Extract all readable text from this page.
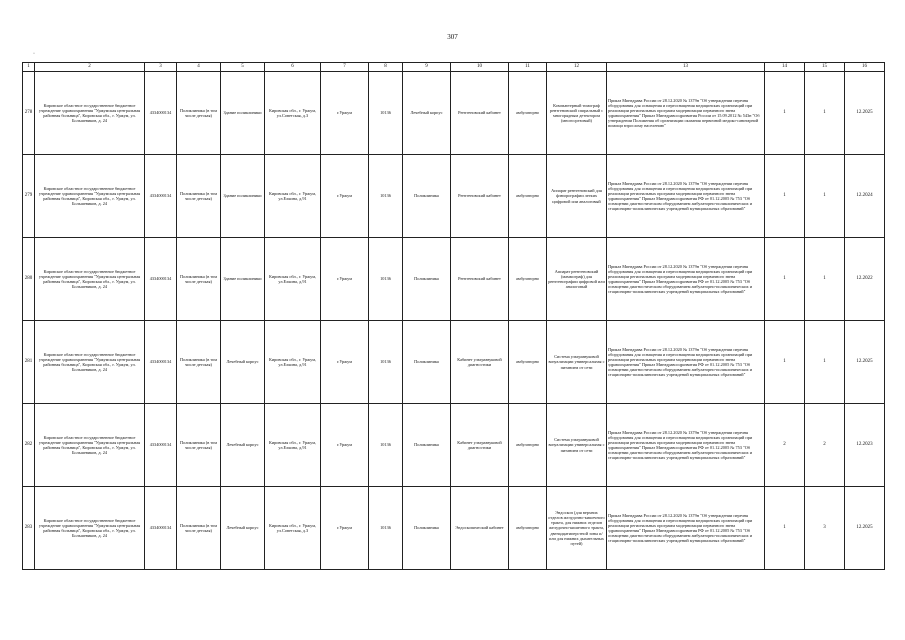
307
·
1	2	3	4	5	6	7	8	9	10	11	12	13	14	15	16
278	Кировское областное государственное бюджетное учреждение здравоохранения "Уржумская центральная районная больница", Кировская обл., г. Уржум, ул. Большевиков, д. 24	4334000134	Поликлиника (в том числе детская)	Здание поликлиники	Кировская обл., г. Уржум, ул.Советская, д.3	г.Уржум	10136	Лечебный корпус	Рентгеновский кабинет	амбулаторно	Компьютерный томограф рентгеновский спиральный с многорядным детектором (многосрезовый)	Приказ Минздрава России от 28.12.2020 № 1379н "Об утверждении перечня оборудования для оснащения и переоснащения медицинских организаций при реализации региональных программ модернизации первичного звена здравоохранения" Приказ Минздравсоцразвития России от 15.09.2012 № 543н "Об утверждении Положения об организации оказания первичной медико-санитарной помощи взрослому населению"	1	1	12.2025
279	Кировское областное государственное бюджетное учреждение здравоохранения "Уржумская центральная районная больница", Кировская обл., г. Уржум, ул. Большевиков, д. 24	4334000134	Поликлиника (в том числе детская)	Здание поликлиники	Кировская обл., г. Уржум, ул.Елкина, д.91	г.Уржум	10136	Поликлиника	Рентгеновский кабинет	амбулаторно	Аппарат рентгеновский для флюорографии легких цифровой или аналоговый	Приказ Минздрава России от 28.12.2020 № 1379н "Об утверждении перечня оборудования для оснащения и переоснащения медицинских организаций при реализации региональных программ модернизации первичного звена здравоохранения" Приказ Минздравсоцразвития РФ от 01.12.2005 № 753 "Об оснащении диагностическим оборудованием амбулаторно-поликлинических и стационарно-поликлинических учреждений муниципальных образований"	1	1	12.2024
280	Кировское областное государственное бюджетное учреждение здравоохранения "Уржумская центральная районная больница", Кировская обл., г. Уржум, ул. Большевиков, д. 24	4334000134	Поликлиника (в том числе детская)	Здание поликлиники	Кировская обл., г. Уржум, ул.Елкина, д.91	г.Уржум	10136	Поликлиника	Рентгеновский кабинет	амбулаторно	Аппарат рентгеновский (маммограф) для рентгенографии цифровой или аналоговый	Приказ Минздрава России от 28.12.2020 № 1379н "Об утверждении перечня оборудования для оснащения и переоснащения медицинских организаций при реализации региональных программ модернизации первичного звена здравоохранения" Приказ Минздравсоцразвития РФ от 01.12.2005 № 753 "Об оснащении диагностическим оборудованием амбулаторно-поликлинических и стационарно-поликлинических учреждений муниципальных образований"	1	1	12.2022
281	Кировское областное государственное бюджетное учреждение здравоохранения "Уржумская центральная районная больница", Кировская обл., г. Уржум, ул. Большевиков, д. 24	4334000134	Поликлиника (в том числе детская)	Лечебный корпус	Кировская обл., г. Уржум, ул.Елкина, д.91	г.Уржум	10136	Поликлиника	Кабинет ультразвуковой диагностики	амбулаторно	Система ультразвуковой визуализации универсальная с питанием от сети	Приказ Минздрава России от 28.12.2020 № 1379н "Об утверждении перечня оборудования для оснащения и переоснащения медицинских организаций при реализации региональных программ модернизации первичного звена здравоохранения" Приказ Минздравсоцразвития РФ от 01.12.2005 № 753 "Об оснащении диагностическим оборудованием амбулаторно-поликлинических и стационарно-поликлинических учреждений муниципальных образований"	1	1	12.2025
282	Кировское областное государственное бюджетное учреждение здравоохранения "Уржумская центральная районная больница", Кировская обл., г. Уржум, ул. Большевиков, д. 24	4334000134	Поликлиника (в том числе детская)	Лечебный корпус	Кировская обл., г. Уржум, ул.Елкина, д.91	г.Уржум	10136	Поликлиника	Кабинет ультразвуковой диагностики	амбулаторно	Система ультразвуковой визуализации универсальная с питанием от сети	Приказ Минздрава России от 28.12.2020 № 1379н "Об утверждении перечня оборудования для оснащения и переоснащения медицинских организаций при реализации региональных программ модернизации первичного звена здравоохранения" Приказ Минздравсоцразвития РФ от 01.12.2005 № 753 "Об оснащении диагностическим оборудованием амбулаторно-поликлинических и стационарно-поликлинических учреждений муниципальных образований"	2	2	12.2023
283	Кировское областное государственное бюджетное учреждение здравоохранения "Уржумская центральная районная больница", Кировская обл., г. Уржум, ул. Большевиков, д. 24	4334000134	Поликлиника (в том числе детская)	Лечебный корпус	Кировская обл., г. Уржум, ул.Советская, д.3	г.Уржум	10136	Поликлиника	Эндоскопический кабинет	амбулаторно	Эндоскоп (для верхних отделов желудочно-кишечного тракта, для нижних отделов желудочно-кишечного тракта, двенадцатиперстной зоны и/или для нижних дыхательных путей)	Приказ Минздрава России от 28.12.2020 № 1379н "Об утверждении перечня оборудования для оснащения и переоснащения медицинских организаций при реализации региональных программ модернизации первичного звена здравоохранения" Приказ Минздравсоцразвития РФ от 01.12.2005 № 753 "Об оснащении диагностическим оборудованием амбулаторно-поликлинических и стационарно-поликлинических учреждений муниципальных образований"	1	3	12.2025
